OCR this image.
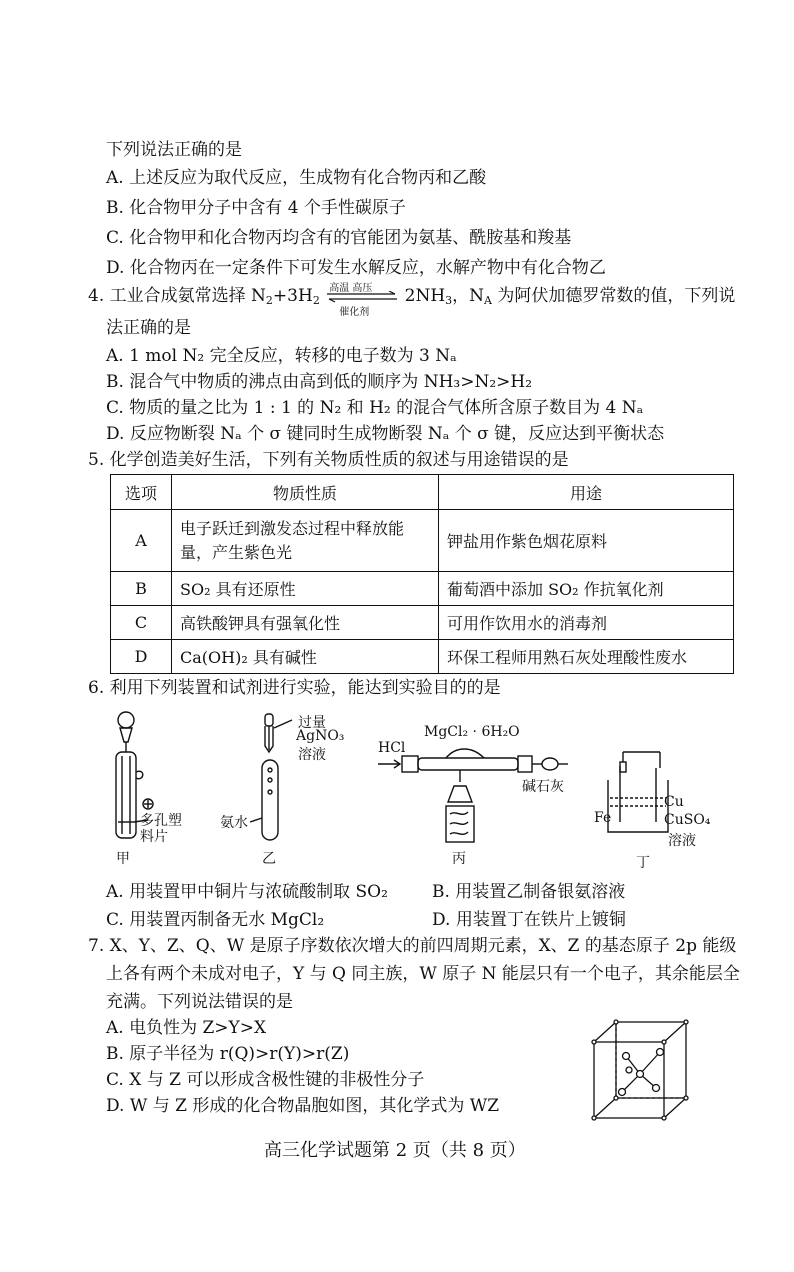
下列说法正确的是
A. 上述反应为取代反应，生成物有化合物丙和乙酸
B. 化合物甲分子中含有 4 个手性碳原子
C. 化合物甲和化合物丙均含有的官能团为氨基、酰胺基和羧基
D. 化合物丙在一定条件下可发生水解反应，水解产物中有化合物乙
4. 工业合成氨常选择 $N_2+3H_2$
高温 高压
催化剂
$2NH_3$，$N_A$ 为阿伏加德罗常数的值，下列说
法正确的是
A. 1 mol N₂ 完全反应，转移的电子数为 3 Nₐ
B. 混合气中物质的沸点由高到低的顺序为 NH₃>N₂>H₂
C. 物质的量之比为 1 : 1 的 N₂ 和 H₂ 的混合气体所含原子数目为 4 Nₐ
D. 反应物断裂 Nₐ 个 σ 键同时生成物断裂 Nₐ 个 σ 键，反应达到平衡状态
5. 化学创造美好生活，下列有关物质性质的叙述与用途错误的是
选项	物质性质	用途
A	电子跃迁到激发态过程中释放能量，产生紫色光	钾盐用作紫色烟花原料
B	SO₂ 具有还原性	葡萄酒中添加 SO₂ 作抗氧化剂
C	高铁酸钾具有强氧化性	可用作饮用水的消毒剂
D	Ca(OH)₂ 具有碱性	环保工程师用熟石灰处理酸性废水
6. 利用下列装置和试剂进行实验，能达到实验目的的是
多孔塑
料片
甲
过量
AgNO₃
溶液
氨水
乙
HCl
MgCl₂ · 6H₂O
碱石灰
丙
Cu
Fe	CuSO₄
溶液
丁
A. 用装置甲中铜片与浓硫酸制取 SO₂	B. 用装置乙制备银氨溶液
C. 用装置丙制备无水 MgCl₂	D. 用装置丁在铁片上镀铜
7. X、Y、Z、Q、W 是原子序数依次增大的前四周期元素，X、Z 的基态原子 2p 能级
上各有两个未成对电子，Y 与 Q 同主族，W 原子 N 能层只有一个电子，其余能层全
充满。下列说法错误的是
A. 电负性为 Z>Y>X
B. 原子半径为 r(Q)>r(Y)>r(Z)
C. X 与 Z 可以形成含极性键的非极性分子
D. W 与 Z 形成的化合物晶胞如图，其化学式为 WZ
高三化学试题第 2 页（共 8 页）
